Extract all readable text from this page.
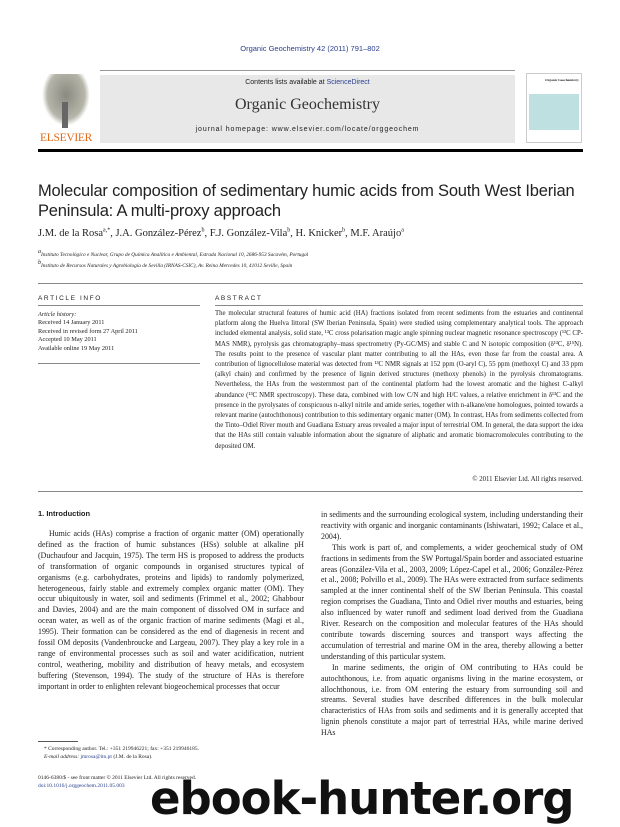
Organic Geochemistry 42 (2011) 791–802
ELSEVIER
Contents lists available at ScienceDirect
Organic Geochemistry
journal homepage: www.elsevier.com/locate/orggeochem
Organic Geochemistry
Molecular composition of sedimentary humic acids from South West Iberian Peninsula: A multi-proxy approach
J.M. de la Rosa$^{a,*}$, J.A. González-Pérez$^b$, F.J. González-Vila$^b$, H. Knicker$^b$, M.F. Araújo$^a$
$^a$Instituto Tecnológico e Nuclear, Grupo de Química Analítica e Ambiental, Estrada Nacional 10, 2686-953 Sacavém, Portugal
$^b$Instituto de Recursos Naturales y Agrobiología de Sevilla (IRNAS-CSIC), Av. Reina Mercedes 10, 41012 Seville, Spain
ARTICLE INFO	ABSTRACT
Article history:
Received 14 January 2011
Received in revised form 27 April 2011
Accepted 10 May 2011
Available online 19 May 2011
The molecular structural features of humic acid (HA) fractions isolated from recent sediments from the estuaries and continental platform along the Huelva littoral (SW Iberian Peninsula, Spain) were studied using complementary analytical tools. The approach included elemental analysis, solid state, ¹³C cross polarisation magic angle spinning nuclear magnetic resonance spectroscopy (¹³C CP-MAS NMR), pyrolysis gas chromatography–mass spectrometry (Py-GC/MS) and stable C and N isotopic composition (δ¹³C, δ¹⁵N). The results point to the presence of vascular plant matter contributing to all the HAs, even those far from the coastal area. A contribution of lignocellulose material was detected from ¹³C NMR signals at 152 ppm (O-aryl C), 55 ppm (methoxyl C) and 33 ppm (alkyl chain) and confirmed by the presence of lignin derived structures (methoxy phenols) in the pyrolysis chromatograms. Nevertheless, the HAs from the westernmost part of the continental platform had the lowest aromatic and the highest C-alkyl abundance (¹³C NMR spectroscopy). These data, combined with low C/N and high H/C values, a relative enrichment in δ¹³C and the presence in the pyrolysates of conspicuous n-alkyl nitrile and amide series, together with n-alkane/ene homologues, pointed towards a relevant marine (autochthonous) contribution to this sedimentary organic matter (OM). In contrast, HAs from sediments collected from the Tinto–Odiel River mouth and Guadiana Estuary areas revealed a major input of terrestrial OM. In general, the data support the idea that the HAs still contain valuable information about the signature of aliphatic and aromatic biomacromolecules contributing to the deposited OM.
© 2011 Elsevier Ltd. All rights reserved.
1. Introduction
Humic acids (HAs) comprise a fraction of organic matter (OM) operationally defined as the fraction of humic substances (HSs) soluble at alkaline pH (Duchaufour and Jacquin, 1975). The term HS is proposed to address the products of transformation of organic compounds in organised structures typical of organisms (e.g. carbohydrates, proteins and lipids) to randomly polymerized, heterogeneous, fairly stable and extremely complex organic matter (OM). They occur ubiquitously in water, soil and sediments (Frimmel et al., 2002; Ghabbour and Davies, 2004) and are the main component of dissolved OM in surface and ocean water, as well as of the organic fraction of marine sediments (Magi et al., 1995). Their formation can be considered as the end of diagenesis in recent and fossil OM deposits (Vandenbroucke and Largeau, 2007). They play a key role in a range of environmental processes such as soil and water acidification, nutrient control, weathering, mobility and distribution of heavy metals, and ecosystem buffering (Stevenson, 1994). The study of the structure of HAs is therefore important in order to enlighten relevant biogeochemical processes that occur

in sediments and the surrounding ecological system, including understanding their reactivity with organic and inorganic contaminants (Ishiwatari, 1992; Calace et al., 2004).

This work is part of, and complements, a wider geochemical study of OM fractions in sediments from the SW Portugal/Spain border and associated estuarine areas (González-Vila et al., 2003, 2009; López-Capel et al., 2006; González-Pérez et al., 2008; Polvillo et al., 2009). The HAs were extracted from surface sediments sampled at the inner continental shelf of the SW Iberian Peninsula. This coastal region comprises the Guadiana, Tinto and Odiel river mouths and estuaries, being also influenced by water runoff and sediment load derived from the Guadiana River. Research on the composition and molecular features of the HAs should contribute towards discerning sources and transport ways affecting the accumulation of terrestrial and marine OM in the area, thereby allowing a better understanding of this particular system.

In marine sediments, the origin of OM contributing to HAs could be autochthonous, i.e. from aquatic organisms living in the marine ecosystem, or allochthonous, i.e. from OM entering the estuary from surrounding soil and streams. Several studies have described differences in the bulk molecular characteristics of HAs from soils and sediments and it is generally accepted that lignin phenols constitute a major part of terrestrial HAs, while marine derived HAs

* Corresponding author. Tel.: +351 219946221; fax: +351 219946185.
E-mail address: jmrosa@itn.pt (J.M. de la Rosa).
0146-6380/$ - see front matter © 2011 Elsevier Ltd. All rights reserved.
doi:10.1016/j.orggeochem.2011.05.003 ebook-hunter.org
